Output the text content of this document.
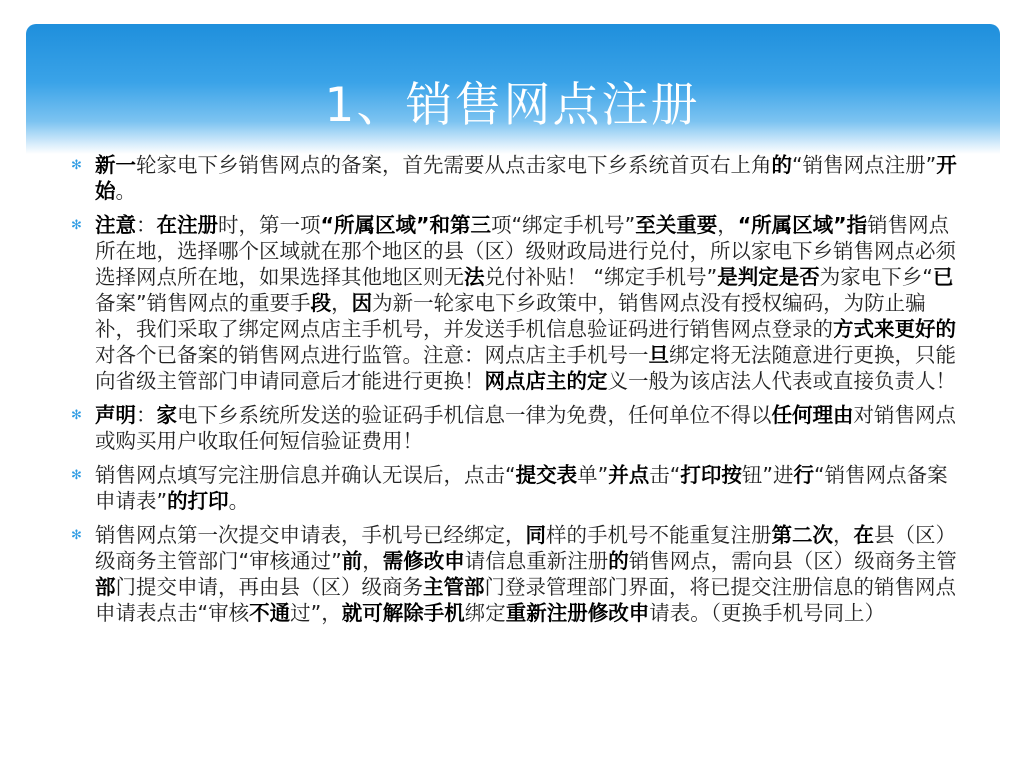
1、销售网点注册
✻ 新一轮家电下乡销售网点的备案，首先需要从点击家电下乡系统首页右上角的“销售网点注册”开始。
✻ 注意：在注册时，第一项“所属区域”和第三项“绑定手机号”至关重要，“所属区域”指销售网点所在地，选择哪个区域就在那个地区的县（区）级财政局进行兑付，所以家电下乡销售网点必须选择网点所在地，如果选择其他地区则无法兑付补贴！ “绑定手机号”是判定是否为家电下乡“已备案”销售网点的重要手段，因为新一轮家电下乡政策中，销售网点没有授权编码，为防止骗补，我们采取了绑定网点店主手机号，并发送手机信息验证码进行销售网点登录的方式来更好的对各个已备案的销售网点进行监管。注意：网点店主手机号一旦绑定将无法随意进行更换，只能向省级主管部门申请同意后才能进行更换！网点店主的定义一般为该店法人代表或直接负责人！
✻ 声明：家电下乡系统所发送的验证码手机信息一律为免费，任何单位不得以任何理由对销售网点或购买用户收取任何短信验证费用！
✻ 销售网点填写完注册信息并确认无误后，点击“提交表单”并点击“打印按钮”进行“销售网点备案申请表”的打印。
✻ 销售网点第一次提交申请表，手机号已经绑定，同样的手机号不能重复注册第二次，在县（区）级商务主管部门“审核通过”前，需修改申请信息重新注册的销售网点，需向县（区）级商务主管部门提交申请，再由县（区）级商务主管部门登录管理部门界面，将已提交注册信息的销售网点申请表点击“审核不通过”，就可解除手机绑定重新注册修改申请表。（更换手机号同上）
